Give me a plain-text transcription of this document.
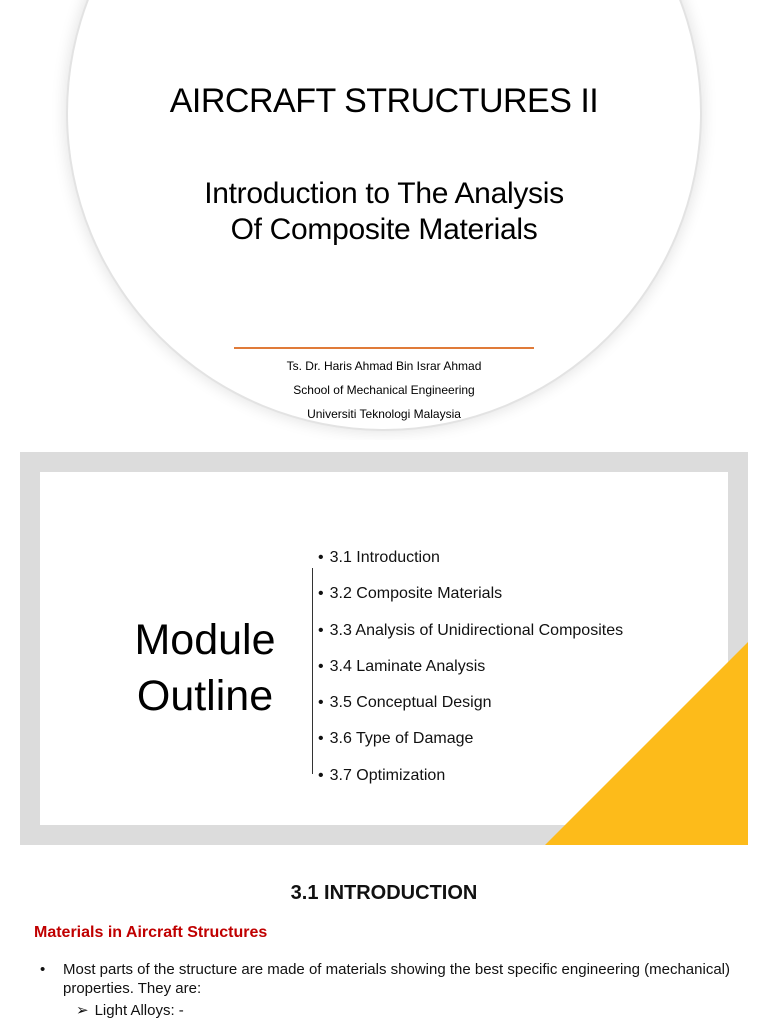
AIRCRAFT STRUCTURES II
Introduction to The Analysis
Of Composite Materials
Ts. Dr. Haris Ahmad Bin Israr Ahmad
School of Mechanical Engineering
Universiti Teknologi Malaysia
Module
Outline
• 3.1 Introduction
• 3.2 Composite Materials
• 3.3 Analysis of Unidirectional Composites
• 3.4 Laminate Analysis
• 3.5 Conceptual Design
• 3.6 Type of Damage
• 3.7 Optimization
3.1 INTRODUCTION
Materials in Aircraft Structures
• Most parts of the structure are made of materials showing the best specific engineering (mechanical) properties. They are:
➢ Light Alloys: -
